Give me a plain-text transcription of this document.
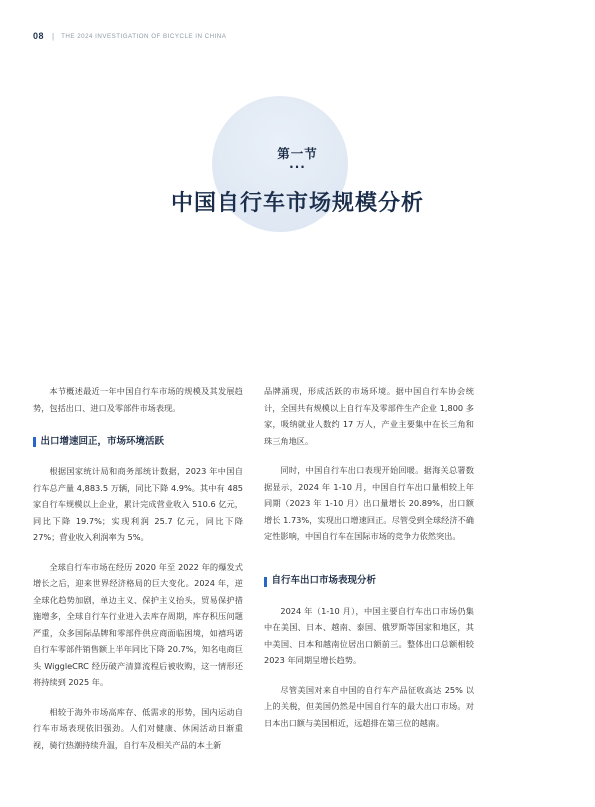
08 | THE 2024 INVESTIGATION OF BICYCLE IN CHINA
第一节
···
中国自行车市场规模分析

本节概述最近一年中国自行车市场的规模及其发展趋势，包括出口、进口及零部件市场表现。

出口增速回正，市场环境活跃

根据国家统计局和商务部统计数据，2023 年中国自行车总产量 4,883.5 万辆，同比下降 4.9%。其中有 485 家自行车规模以上企业，累计完成营业收入 510.6 亿元，同比下降 19.7%；实现利润 25.7 亿元，同比下降 27%；营业收入利润率为 5%。

全球自行车市场在经历 2020 年至 2022 年的爆发式增长之后，迎来世界经济格局的巨大变化。2024 年，逆全球化趋势加剧，单边主义、保护主义抬头，贸易保护措施增多，全球自行车行业进入去库存周期，库存积压问题严重，众多国际品牌和零部件供应商面临困境，如禧玛诺自行车零部件销售额上半年同比下降 20.7%，知名电商巨头 WiggleCRC 经历破产清算流程后被收购，这一情形还将持续到 2025 年。

相较于海外市场高库存、低需求的形势，国内运动自行车市场表现依旧强劲。人们对健康、休闲活动日渐重视，骑行热潮持续升温，自行车及相关产品的本土新

品牌涌现，形成活跃的市场环境。据中国自行车协会统计，全国共有规模以上自行车及零部件生产企业 1,800 多家，吸纳就业人数约 17 万人，产业主要集中在长三角和珠三角地区。

同时，中国自行车出口表现开始回暖。据海关总署数据显示，2024 年 1-10 月，中国自行车出口量相较上年同期（2023 年 1-10 月）出口量增长 20.89%，出口额增长 1.73%，实现出口增速回正。尽管受到全球经济不确定性影响，中国自行车在国际市场的竞争力依然突出。

自行车出口市场表现分析

2024 年（1-10 月），中国主要自行车出口市场仍集中在美国、日本、越南、泰国、俄罗斯等国家和地区，其中美国、日本和越南位居出口额前三。整体出口总额相较 2023 年同期呈增长趋势。

尽管美国对来自中国的自行车产品征收高达 25% 以上的关税，但美国仍然是中国自行车的最大出口市场。对日本出口额与美国相近，远超排在第三位的越南。
